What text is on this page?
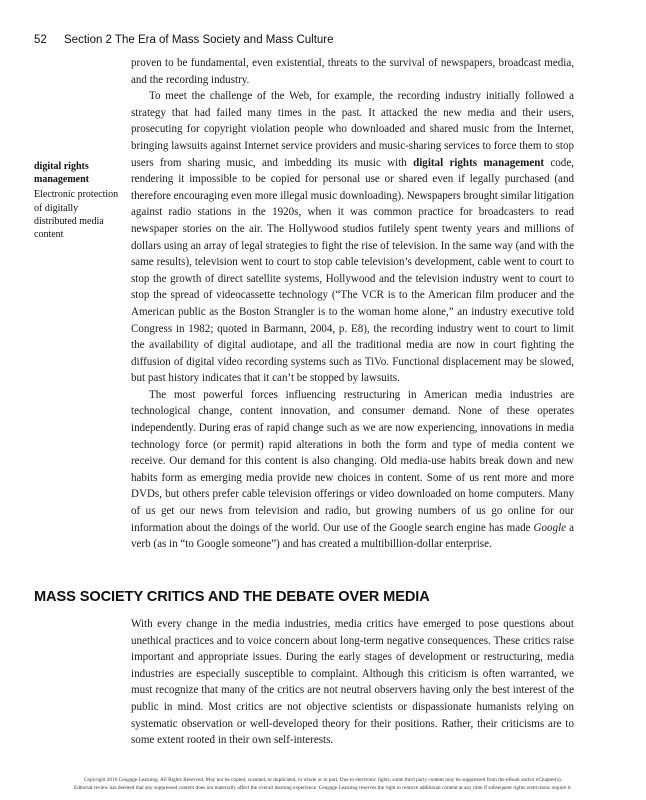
52 Section 2 The Era of Mass Society and Mass Culture
digital rights management
Electronic protection of digitally distributed media content

proven to be fundamental, even existential, threats to the survival of newspapers, broadcast media, and the recording industry.

To meet the challenge of the Web, for example, the recording industry initially followed a strategy that had failed many times in the past. It attacked the new media and their users, prosecuting for copyright violation people who downloaded and shared music from the Internet, bringing lawsuits against Internet service providers and music-sharing services to force them to stop users from sharing music, and imbedding its music with digital rights management code, rendering it impossible to be copied for personal use or shared even if legally purchased (and therefore encouraging even more illegal music downloading). Newspapers brought similar litigation against radio stations in the 1920s, when it was common practice for broadcasters to read newspaper stories on the air. The Hollywood studios futilely spent twenty years and millions of dollars using an array of legal strategies to fight the rise of television. In the same way (and with the same results), television went to court to stop cable television’s development, cable went to court to stop the growth of direct satellite systems, Hollywood and the television industry went to court to stop the spread of videocassette technology (“The VCR is to the American film producer and the American public as the Boston Strangler is to the woman home alone,” an industry executive told Congress in 1982; quoted in Barmann, 2004, p. E8), the recording industry went to court to limit the availability of digital audiotape, and all the traditional media are now in court fighting the diffusion of digital video recording systems such as TiVo. Functional displacement may be slowed, but past history indicates that it can’t be stopped by lawsuits.

The most powerful forces influencing restructuring in American media industries are technological change, content innovation, and consumer demand. None of these operates independently. During eras of rapid change such as we are now experiencing, innovations in media technology force (or permit) rapid alterations in both the form and type of media content we receive. Our demand for this content is also changing. Old media-use habits break down and new habits form as emerging media provide new choices in content. Some of us rent more and more DVDs, but others prefer cable television offerings or video downloaded on home computers. Many of us get our news from television and radio, but growing numbers of us go online for our information about the doings of the world. Our use of the Google search engine has made Google a verb (as in “to Google someone”) and has created a multibillion-dollar enterprise.

MASS SOCIETY CRITICS AND THE DEBATE OVER MEDIA

With every change in the media industries, media critics have emerged to pose questions about unethical practices and to voice concern about long-term negative consequences. These critics raise important and appropriate issues. During the early stages of development or restructuring, media industries are especially susceptible to complaint. Although this criticism is often warranted, we must recognize that many of the critics are not neutral observers having only the best interest of the public in mind. Most critics are not objective scientists or dispassionate humanists relying on systematic observation or well-developed theory for their positions. Rather, their criticisms are to some extent rooted in their own self-interests.

Copyright 2010 Cengage Learning. All Rights Reserved. May not be copied, scanned, or duplicated, in whole or in part. Due to electronic rights, some third party content may be suppressed from the eBook and/or eChapter(s).
Editorial review has deemed that any suppressed content does not materially affect the overall learning experience. Cengage Learning reserves the right to remove additional content at any time if subsequent rights restrictions require it.
